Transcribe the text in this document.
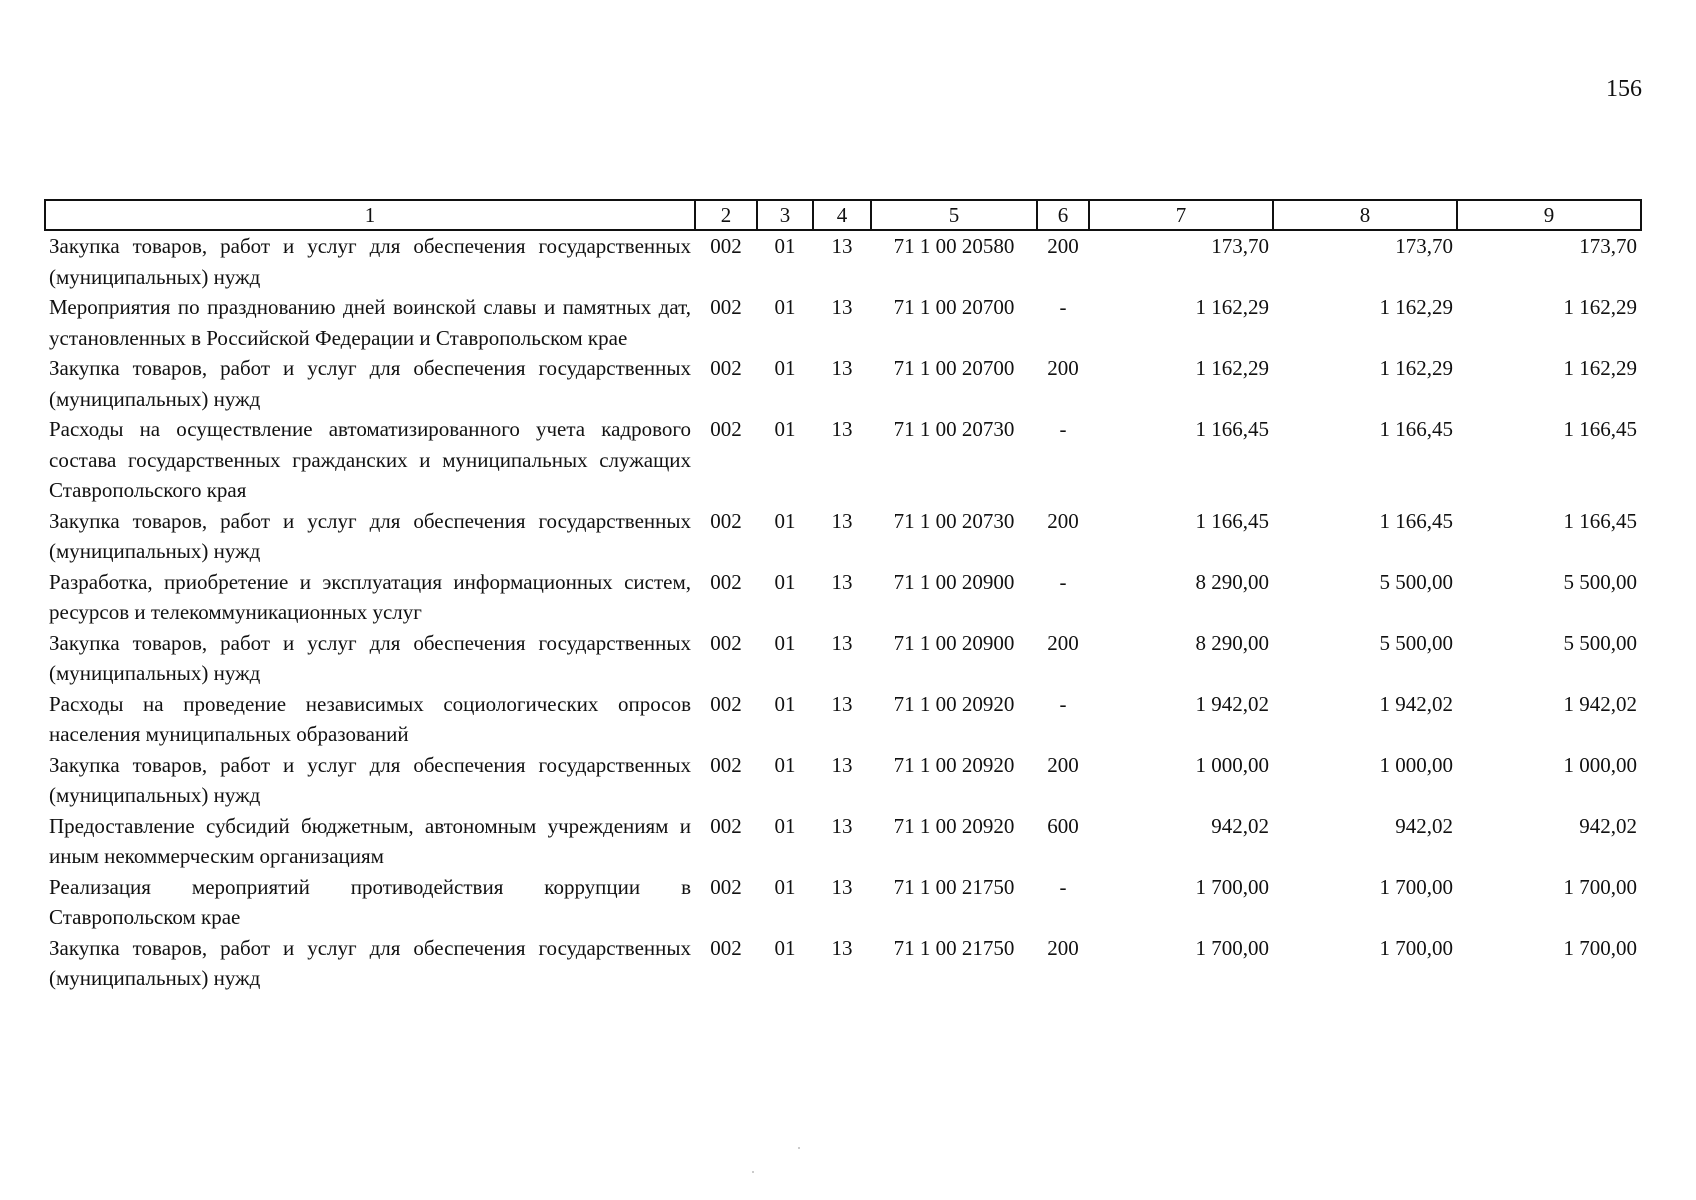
156
1	2	3	4	5	6	7	8	9
Закупка товаров, работ и услуг для обеспечения государственных (муниципальных) нужд	002	01	13	71 1 00 20580	200	173,70	173,70	173,70
Мероприятия по празднованию дней воинской славы и памятных дат, установленных в Российской Федерации и Ставропольском крае	002	01	13	71 1 00 20700	-	1 162,29	1 162,29	1 162,29
Закупка товаров, работ и услуг для обеспечения государственных (муниципальных) нужд	002	01	13	71 1 00 20700	200	1 162,29	1 162,29	1 162,29
Расходы на осуществление автоматизированного учета кадрового состава государственных гражданских и муниципальных служащих Ставропольского края	002	01	13	71 1 00 20730	-	1 166,45	1 166,45	1 166,45
Закупка товаров, работ и услуг для обеспечения государственных (муниципальных) нужд	002	01	13	71 1 00 20730	200	1 166,45	1 166,45	1 166,45
Разработка, приобретение и эксплуатация информационных систем, ресурсов и телекоммуникационных услуг	002	01	13	71 1 00 20900	-	8 290,00	5 500,00	5 500,00
Закупка товаров, работ и услуг для обеспечения государственных (муниципальных) нужд	002	01	13	71 1 00 20900	200	8 290,00	5 500,00	5 500,00
Расходы на проведение независимых социологических опросов населения муниципальных образований	002	01	13	71 1 00 20920	-	1 942,02	1 942,02	1 942,02
Закупка товаров, работ и услуг для обеспечения государственных (муниципальных) нужд	002	01	13	71 1 00 20920	200	1 000,00	1 000,00	1 000,00
Предоставление субсидий бюджетным, автономным учреждениям и иным некоммерческим организациям	002	01	13	71 1 00 20920	600	942,02	942,02	942,02
Реализация мероприятий противодействия коррупции в Ставропольском крае	002	01	13	71 1 00 21750	-	1 700,00	1 700,00	1 700,00
Закупка товаров, работ и услуг для обеспечения государственных (муниципальных) нужд	002	01	13	71 1 00 21750	200	1 700,00	1 700,00	1 700,00
